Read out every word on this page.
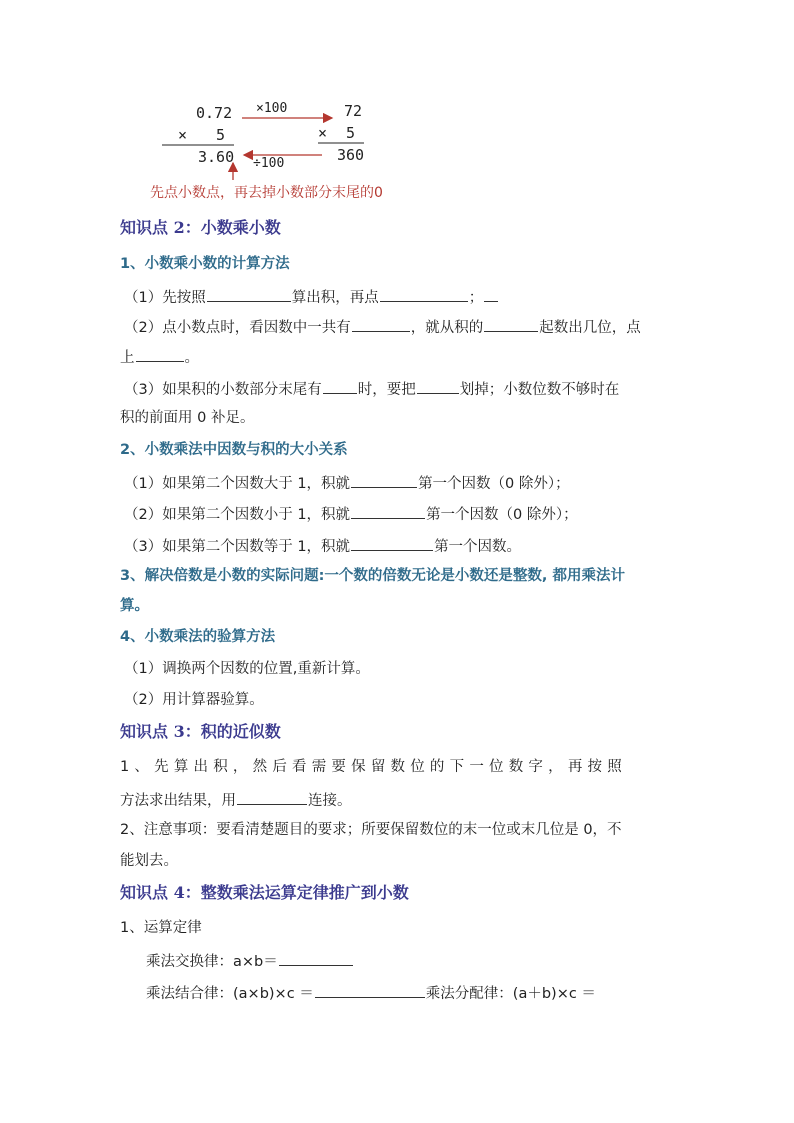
0.72
× 5
3.60
×100
÷100
72
× 5
360
先点小数点，再去掉小数部分末尾的0
知识点 2：小数乘小数
1、小数乘小数的计算方法
（1）先按照	算出积，再点	；
（2）点小数点时，看因数中一共有	，就从积的	起数出几位，点
上	。
（3）如果积的小数部分末尾有 时，要把	划掉；小数位数不够时在
积的前面用 0 补足。
2、小数乘法中因数与积的大小关系
（1）如果第二个因数大于 1，积就	第一个因数（0 除外）；
（2）如果第二个因数小于 1，积就	第一个因数（0 除外）；
（3）如果第二个因数等于 1，积就	第一个因数。
3、解决倍数是小数的实际问题:一个数的倍数无论是小数还是整数, 都用乘法计
算。
4、小数乘法的验算方法
（1）调换两个因数的位置,重新计算。
（2）用计算器验算。
知识点 3：积的近似数
1、先算出积，然后看需要保留数位的下一位数字，再按照
方法求出结果，用	连接。
2、注意事项：要看清楚题目的要求；所要保留数位的末一位或末几位是 0，不
能划去。
知识点 4：整数乘法运算定律推广到小数
1、运算定律
乘法交换律：a×b＝
乘法结合律：(a×b)×c ＝	乘法分配律：(a＋b)×c ＝
